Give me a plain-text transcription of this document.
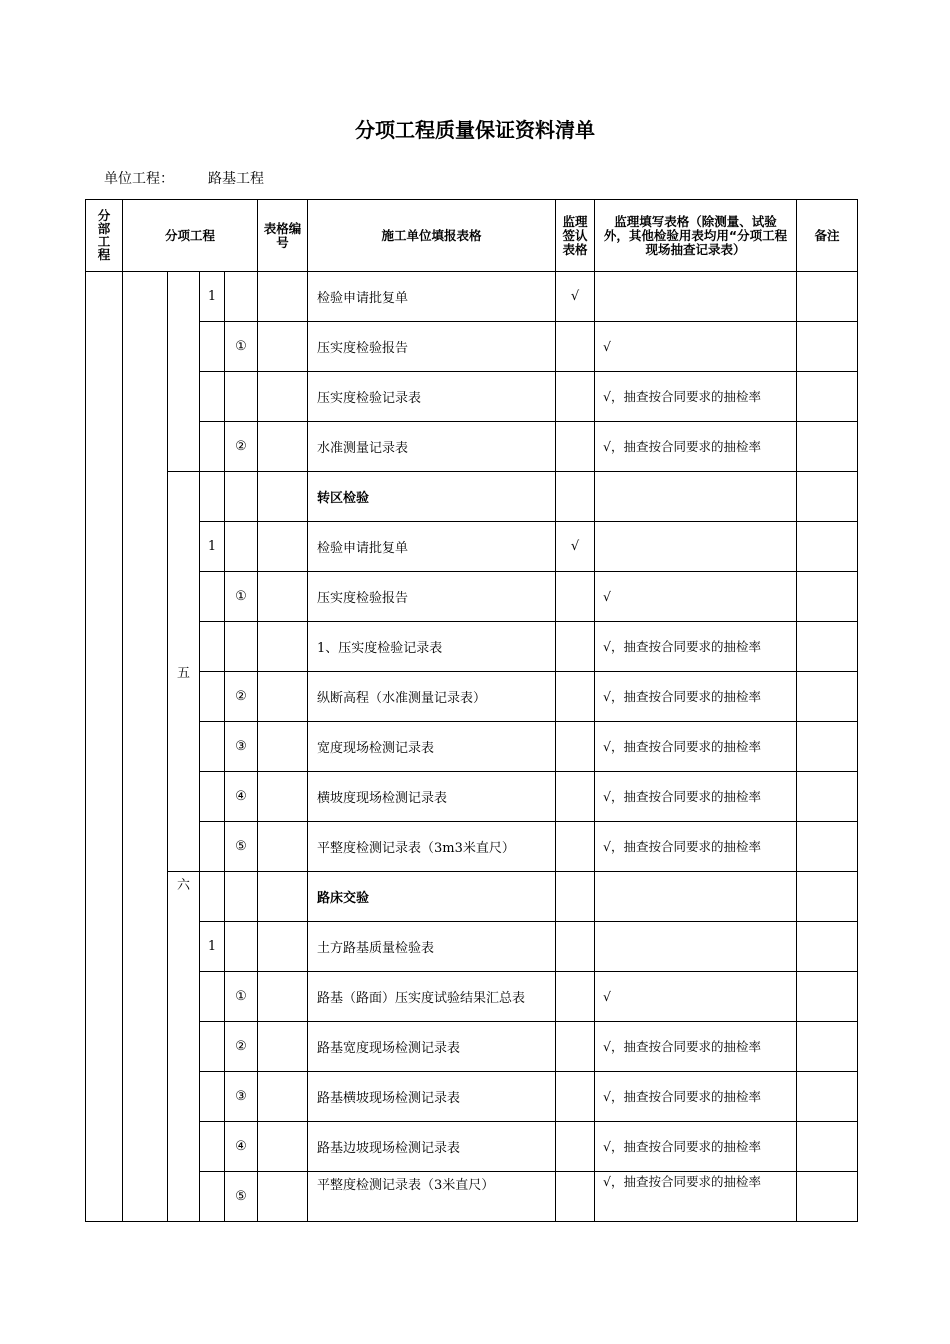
分项工程质量保证资料清单
单位工程： 路基工程
分部工程	分项工程				表格编号	施工单位填报表格	监理签认表格	监理填写表格（除测量、试验外，其他检验用表均用“分项工程现场抽查记录表）	备注
			1			检验申请批复单	√		
				①		压实度检验报告		√	
						压实度检验记录表		√，抽查按合同要求的抽检率	
				②		水准测量记录表		√，抽查按合同要求的抽检率	
		五				转区检验			
			1			检验申请批复单	√		
				①		压实度检验报告		√	
						1、压实度检验记录表		√，抽查按合同要求的抽检率	
				②		纵断高程（水准测量记录表）		√，抽查按合同要求的抽检率	
				③		宽度现场检测记录表		√，抽查按合同要求的抽检率	
				④		横坡度现场检测记录表		√，抽查按合同要求的抽检率	
				⑤		平整度检测记录表（3m3米直尺）		√，抽查按合同要求的抽检率	
		六				路床交验			
			1			土方路基质量检验表			
				①		路基（路面）压实度试验结果汇总表		√	
				②		路基宽度现场检测记录表		√，抽查按合同要求的抽检率	
				③		路基横坡现场检测记录表		√，抽查按合同要求的抽检率	
				④		路基边坡现场检测记录表		√，抽查按合同要求的抽检率	
				⑤		平整度检测记录表（3米直尺）		√，抽查按合同要求的抽检率	
